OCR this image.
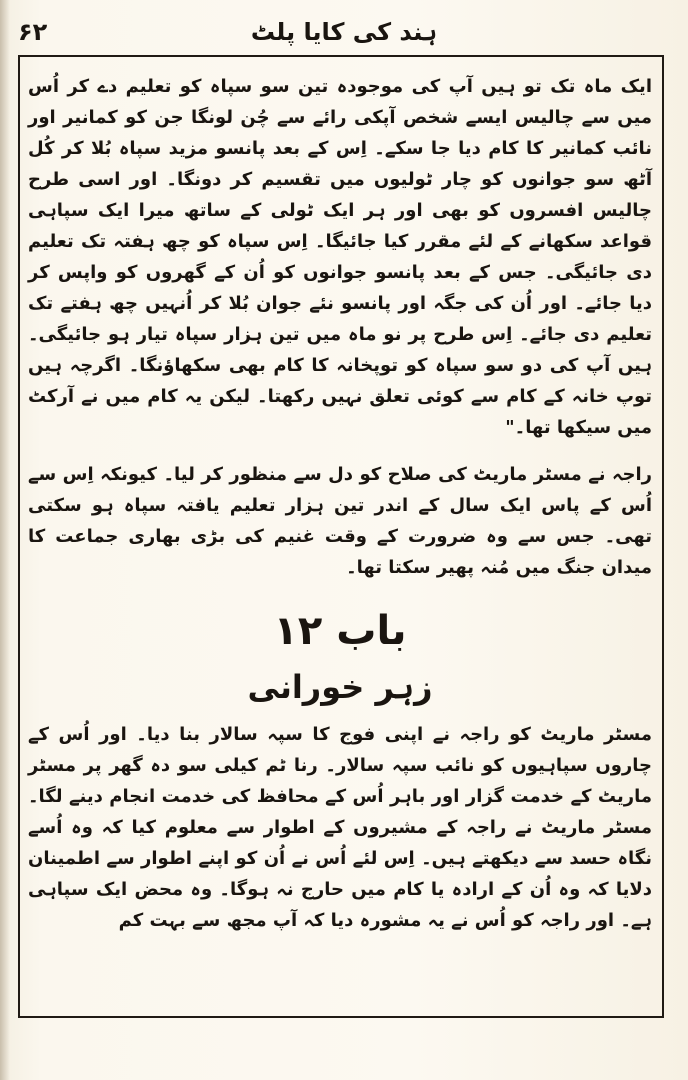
ہند کی کایا پلٹ
۶۲

ایک ماہ تک تو ہیں آپ کی موجودہ تین سو سپاہ کو تعلیم دے کر اُس میں سے چالیس ایسے شخص آپکی رائے سے چُن لونگا جن کو کمانیر اور نائب کمانیر کا کام دیا جا سکے۔ اِس کے بعد پانسو مزید سپاہ بُلا کر کُل آٹھ سو جوانوں کو چار ٹولیوں میں تقسیم کر دونگا۔ اور اسی طرح چالیس افسروں کو بھی اور ہر ایک ٹولی کے ساتھ میرا ایک سپاہی قواعد سکھانے کے لئے مقرر کیا جائیگا۔ اِس سپاہ کو چھ ہفتہ تک تعلیم دی جائیگی۔ جس کے بعد پانسو جوانوں کو اُن کے گھروں کو واپس کر دیا جائے۔ اور اُن کی جگہ اور پانسو نئے جوان بُلا کر اُنہیں چھ ہفتے تک تعلیم دی جائے۔ اِس طرح پر نو ماہ میں تین ہزار سپاہ تیار ہو جائیگی۔ ہیں آپ کی دو سو سپاہ کو توپخانہ کا کام بھی سکھاؤنگا۔ اگرچہ ہیں توپ خانہ کے کام سے کوئی تعلق نہیں رکھتا۔ لیکن یہ کام میں نے آرکٹ میں سیکھا تھا۔"

راجہ نے مسٹر ماریٹ کی صلاح کو دل سے منظور کر لیا۔ کیونکہ اِس سے اُس کے پاس ایک سال کے اندر تین ہزار تعلیم یافتہ سپاہ ہو سکتی تھی۔ جس سے وہ ضرورت کے وقت غنیم کی بڑی بھاری جماعت کا میدان جنگ میں مُنہ پھیر سکتا تھا۔

باب ۱۲
زہر خورانی

مسٹر ماریٹ کو راجہ نے اپنی فوج کا سپہ سالار بنا دیا۔ اور اُس کے چاروں سپاہیوں کو نائب سپہ سالار۔ رنا ٹم کیلی سو دہ گھر پر مسٹر ماریٹ کے خدمت گزار اور باہر اُس کے محافظ کی خدمت انجام دینے لگا۔ مسٹر ماریٹ نے راجہ کے مشیروں کے اطوار سے معلوم کیا کہ وہ اُسے نگاہ حسد سے دیکھتے ہیں۔ اِس لئے اُس نے اُن کو اپنے اطوار سے اطمینان دلایا کہ وہ اُن کے ارادہ یا کام میں حارج نہ ہوگا۔ وہ محض ایک سپاہی ہے۔ اور راجہ کو اُس نے یہ مشورہ دیا کہ آپ مجھ سے بہت کم
